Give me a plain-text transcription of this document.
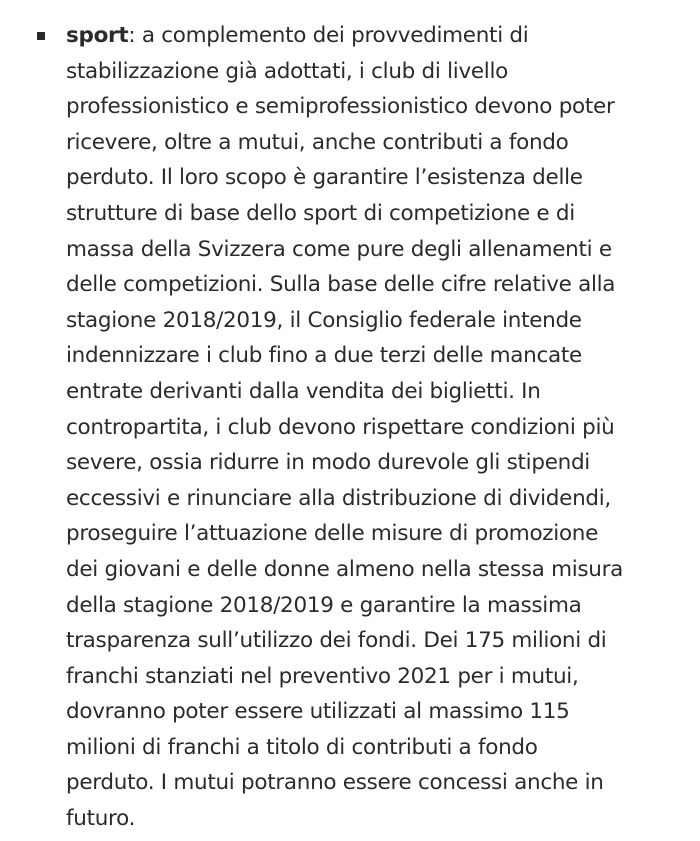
sport: a complemento dei provvedimenti di
stabilizzazione già adottati, i club di livello
professionistico e semiprofessionistico devono poter
ricevere, oltre a mutui, anche contributi a fondo
perduto. Il loro scopo è garantire l’esistenza delle
strutture di base dello sport di competizione e di
massa della Svizzera come pure degli allenamenti e
delle competizioni. Sulla base delle cifre relative alla
stagione 2018/2019, il Consiglio federale intende
indennizzare i club fino a due terzi delle mancate
entrate derivanti dalla vendita dei biglietti. In
contropartita, i club devono rispettare condizioni più
severe, ossia ridurre in modo durevole gli stipendi
eccessivi e rinunciare alla distribuzione di dividendi,
proseguire l’attuazione delle misure di promozione
dei giovani e delle donne almeno nella stessa misura
della stagione 2018/2019 e garantire la massima
trasparenza sull’utilizzo dei fondi. Dei 175 milioni di
franchi stanziati nel preventivo 2021 per i mutui,
dovranno poter essere utilizzati al massimo 115
milioni di franchi a titolo di contributi a fondo
perduto. I mutui potranno essere concessi anche in
futuro.
